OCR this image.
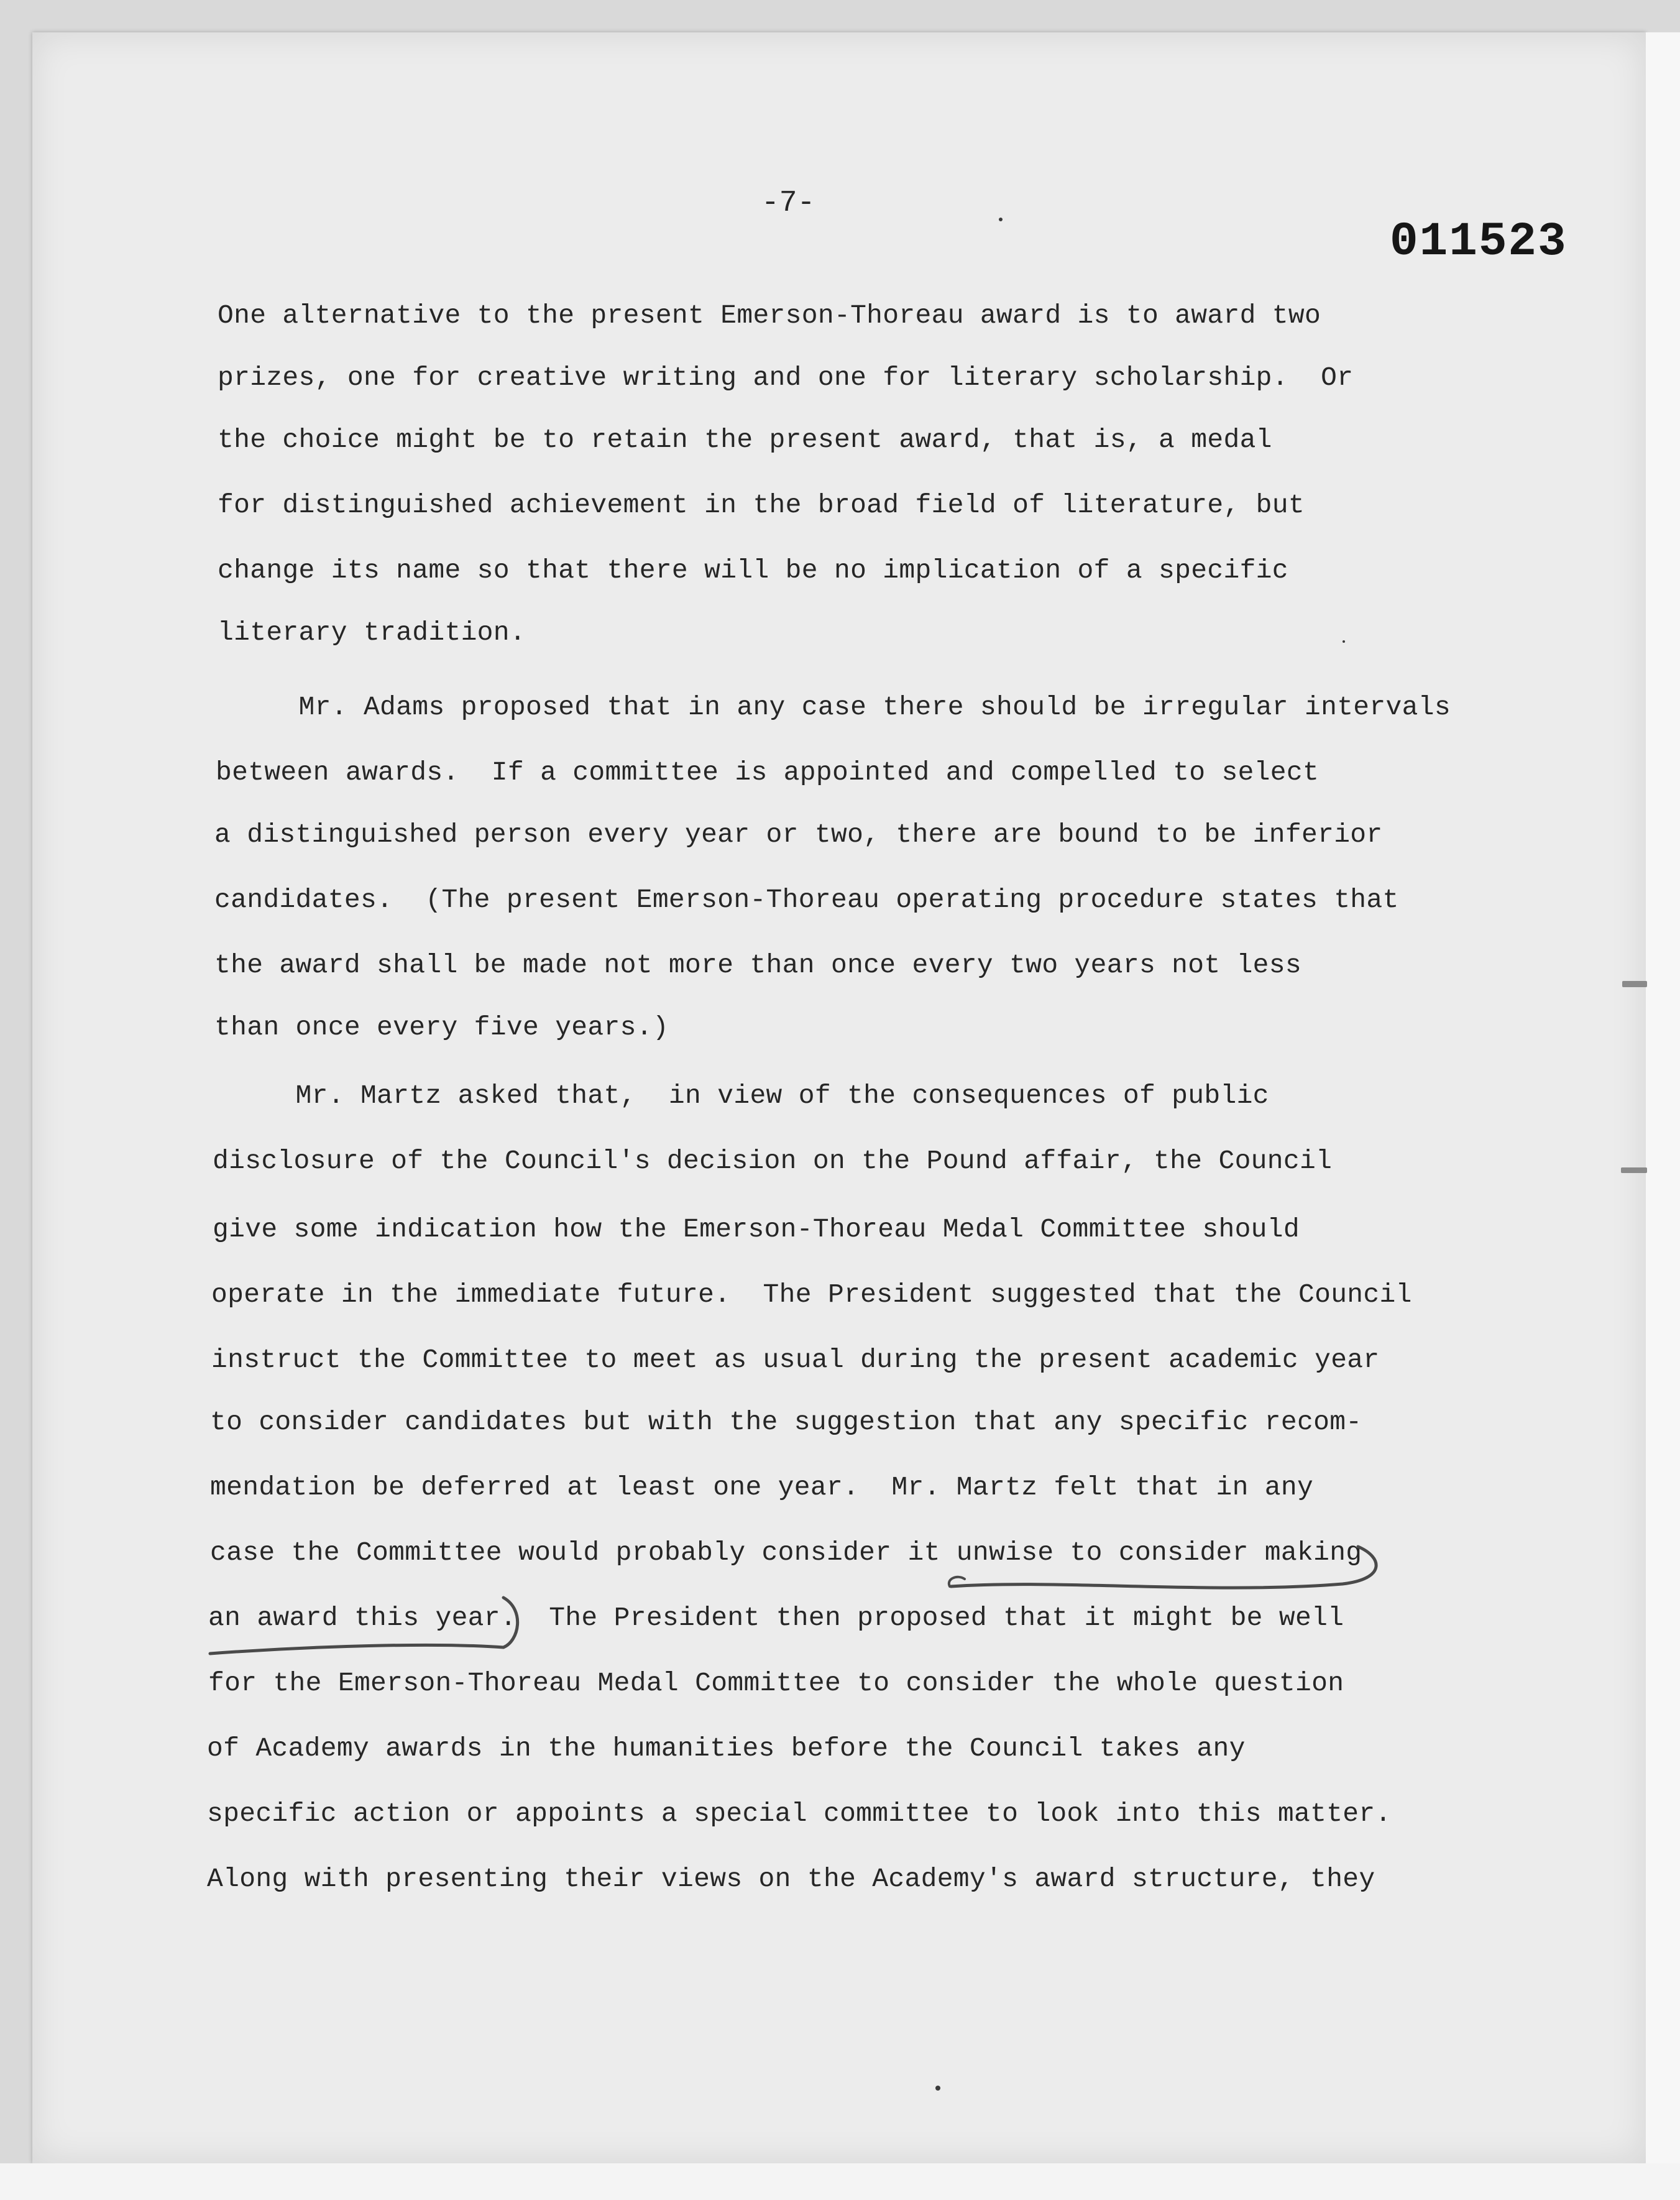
-7-
011523
One alternative to the present Emerson-Thoreau award is to award two
prizes, one for creative writing and one for literary scholarship.  Or
the choice might be to retain the present award, that is, a medal
for distinguished achievement in the broad field of literature, but
change its name so that there will be no implication of a specific
literary tradition.
Mr. Adams proposed that in any case there should be irregular intervals
between awards.  If a committee is appointed and compelled to select
a distinguished person every year or two, there are bound to be inferior
candidates.  (The present Emerson-Thoreau operating procedure states that
the award shall be made not more than once every two years not less
than once every five years.)
Mr. Martz asked that,  in view of the consequences of public
disclosure of the Council's decision on the Pound affair, the Council
give some indication how the Emerson-Thoreau Medal Committee should
operate in the immediate future.  The President suggested that the Council
instruct the Committee to meet as usual during the present academic year
to consider candidates but with the suggestion that any specific recom-
mendation be deferred at least one year.  Mr. Martz felt that in any
case the Committee would probably consider it unwise to consider making
an award this year.  The President then proposed that it might be well
for the Emerson-Thoreau Medal Committee to consider the whole question
of Academy awards in the humanities before the Council takes any
specific action or appoints a special committee to look into this matter.
Along with presenting their views on the Academy's award structure, they
